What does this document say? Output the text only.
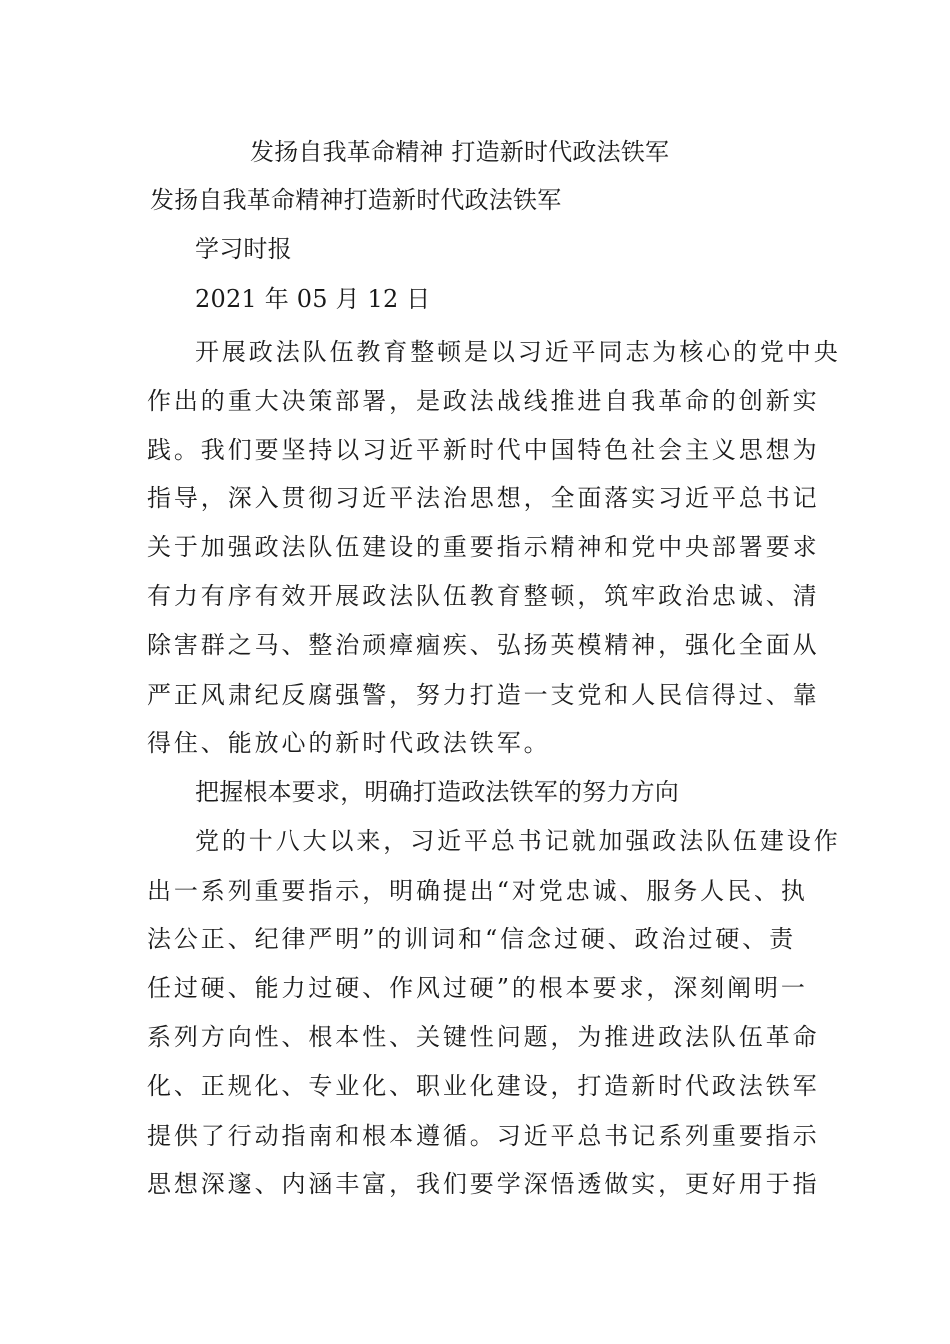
发扬自我革命精神 打造新时代政法铁军
发扬自我革命精神打造新时代政法铁军
学习时报
2021 年 05 月 12 日
开展政法队伍教育整顿是以习近平同志为核心的党中央
作出的重大决策部署，是政法战线推进自我革命的创新实
践。我们要坚持以习近平新时代中国特色社会主义思想为
指导，深入贯彻习近平法治思想，全面落实习近平总书记
关于加强政法队伍建设的重要指示精神和党中央部署要求
有力有序有效开展政法队伍教育整顿，筑牢政治忠诚、清
除害群之马、整治顽瘴痼疾、弘扬英模精神，强化全面从
严正风肃纪反腐强警，努力打造一支党和人民信得过、靠
得住、能放心的新时代政法铁军。
把握根本要求，明确打造政法铁军的努力方向
党的十八大以来，习近平总书记就加强政法队伍建设作
出一系列重要指示，明确提出“对党忠诚、服务人民、执
法公正、纪律严明”的训词和“信念过硬、政治过硬、责
任过硬、能力过硬、作风过硬”的根本要求，深刻阐明一
系列方向性、根本性、关键性问题，为推进政法队伍革命
化、正规化、专业化、职业化建设，打造新时代政法铁军
提供了行动指南和根本遵循。习近平总书记系列重要指示
思想深邃、内涵丰富，我们要学深悟透做实，更好用于指
